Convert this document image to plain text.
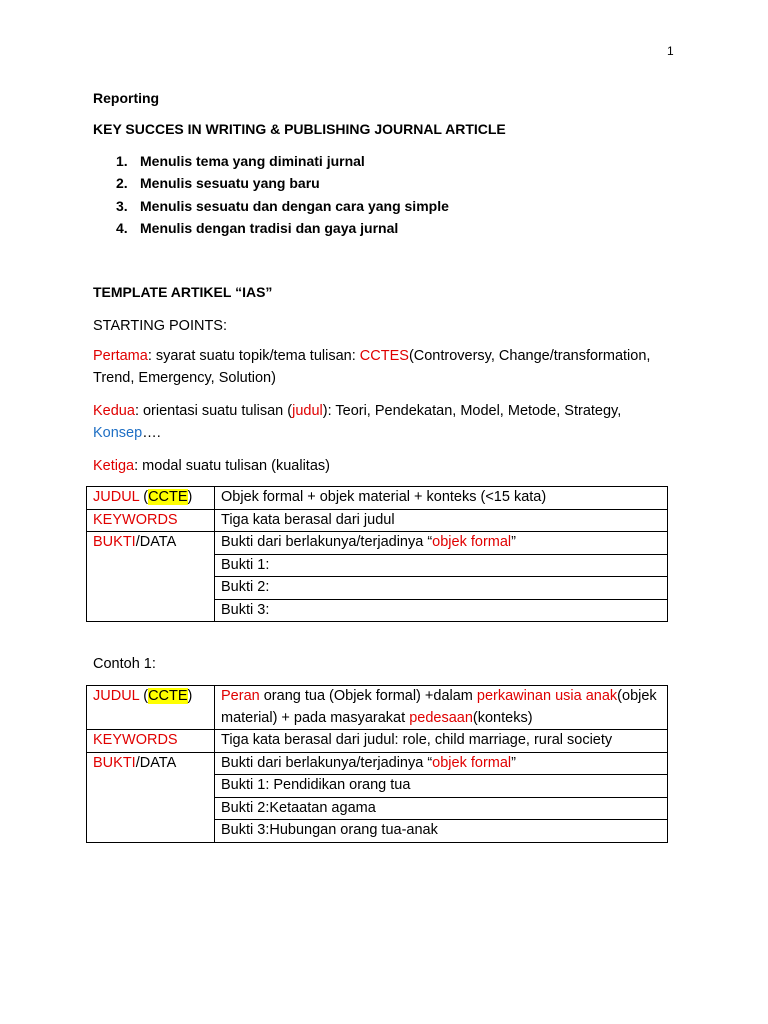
1
Reporting
KEY SUCCES IN WRITING & PUBLISHING JOURNAL ARTICLE
1. Menulis tema yang diminati jurnal
2. Menulis sesuatu yang baru
3. Menulis sesuatu dan dengan cara yang simple
4. Menulis dengan tradisi dan gaya jurnal
TEMPLATE ARTIKEL “IAS”
STARTING POINTS:
Pertama: syarat suatu topik/tema tulisan: CCTES(Controversy, Change/transformation, Trend, Emergency, Solution)
Kedua: orientasi suatu tulisan (judul): Teori, Pendekatan, Model, Metode, Strategy, Konsep….
Ketiga: modal suatu tulisan (kualitas)
JUDUL (CCTE)	Objek formal + objek material + konteks (<15 kata)
KEYWORDS	Tiga kata berasal dari judul
BUKTI/DATA	Bukti dari berlakunya/terjadinya “objek formal”
	Bukti 1:
	Bukti 2:
	Bukti 3:
Contoh 1:
JUDUL (CCTE)	Peran orang tua (Objek formal) +dalam perkawinan usia anak(objek material) + pada masyarakat pedesaan(konteks)
KEYWORDS	Tiga kata berasal dari judul: role, child marriage, rural society
BUKTI/DATA	Bukti dari berlakunya/terjadinya “objek formal”
	Bukti 1: Pendidikan orang tua
	Bukti 2:Ketaatan agama
	Bukti 3:Hubungan orang tua-anak
